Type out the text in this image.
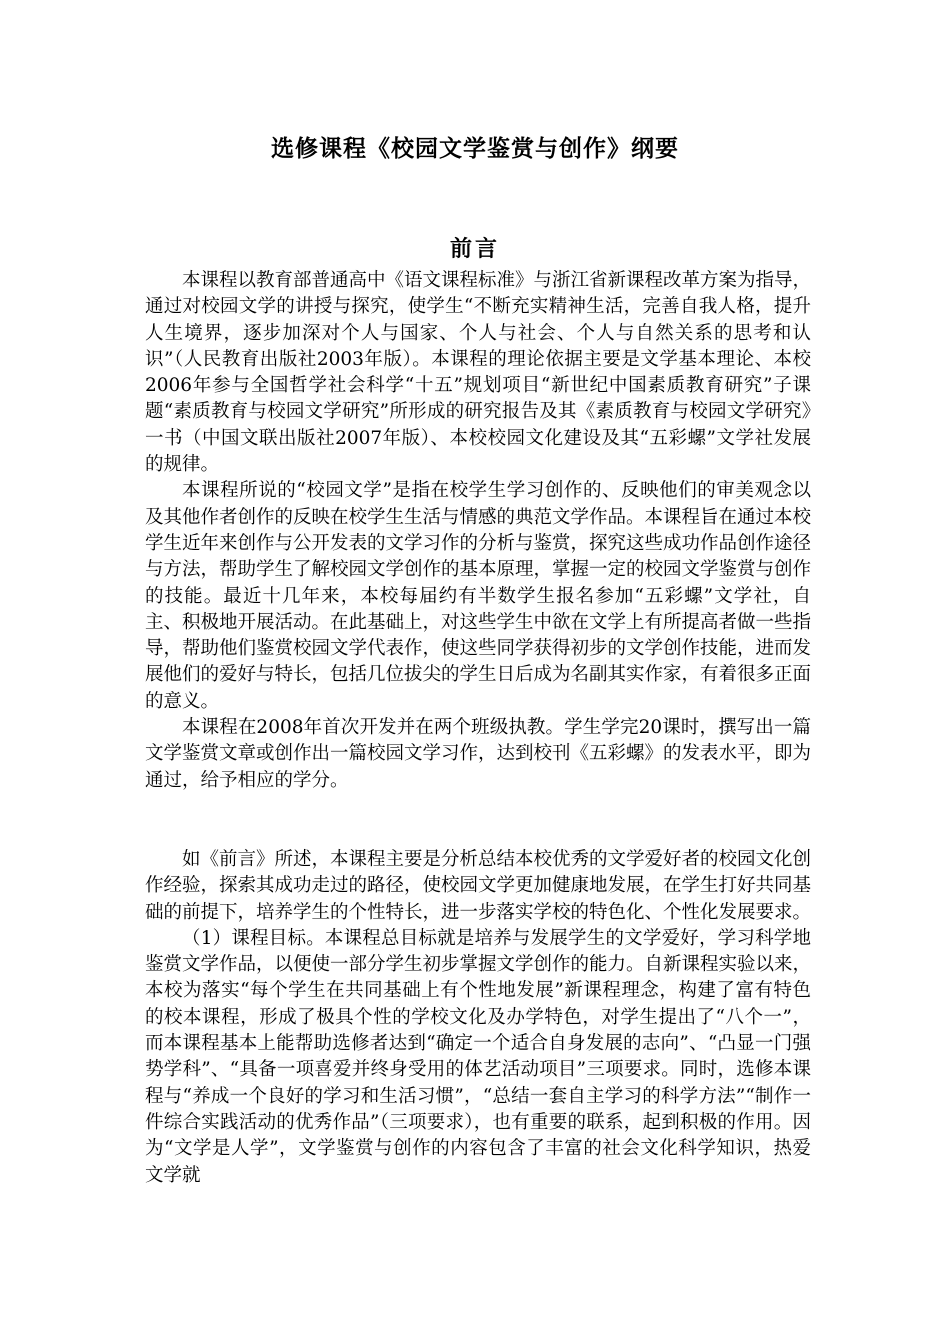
选修课程《校园文学鉴赏与创作》纲要
前言

本课程以教育部普通高中《语文课程标准》与浙江省新课程改革方案为指导，通过对校园文学的讲授与探究，使学生“不断充实精神生活，完善自我人格，提升人生境界，逐步加深对个人与国家、个人与社会、个人与自然关系的思考和认识”（人民教育出版社2003年版）。本课程的理论依据主要是文学基本理论、本校2006年参与全国哲学社会科学“十五”规划项目“新世纪中国素质教育研究”子课题“素质教育与校园文学研究”所形成的研究报告及其《素质教育与校园文学研究》一书（中国文联出版社2007年版）、本校校园文化建设及其“五彩螺”文学社发展的规律。

本课程所说的“校园文学”是指在校学生学习创作的、反映他们的审美观念以及其他作者创作的反映在校学生生活与情感的典范文学作品。本课程旨在通过本校学生近年来创作与公开发表的文学习作的分析与鉴赏，探究这些成功作品创作途径与方法，帮助学生了解校园文学创作的基本原理，掌握一定的校园文学鉴赏与创作的技能。最近十几年来，本校每届约有半数学生报名参加“五彩螺”文学社，自主、积极地开展活动。在此基础上，对这些学生中欲在文学上有所提高者做一些指导，帮助他们鉴赏校园文学代表作，使这些同学获得初步的文学创作技能，进而发展他们的爱好与特长，包括几位拔尖的学生日后成为名副其实作家，有着很多正面的意义。

本课程在2008年首次开发并在两个班级执教。学生学完20课时，撰写出一篇文学鉴赏文章或创作出一篇校园文学习作，达到校刊《五彩螺》的发表水平，即为通过，给予相应的学分。

如《前言》所述，本课程主要是分析总结本校优秀的文学爱好者的校园文化创作经验，探索其成功走过的路径，使校园文学更加健康地发展，在学生打好共同基础的前提下，培养学生的个性特长，进一步落实学校的特色化、个性化发展要求。

（1）课程目标。本课程总目标就是培养与发展学生的文学爱好，学习科学地鉴赏文学作品，以便使一部分学生初步掌握文学创作的能力。自新课程实验以来，本校为落实“每个学生在共同基础上有个性地发展”新课程理念，构建了富有特色的校本课程，形成了极具个性的学校文化及办学特色，对学生提出了“八个一”，而本课程基本上能帮助选修者达到“确定一个适合自身发展的志向”、“凸显一门强势学科”、“具备一项喜爱并终身受用的体艺活动项目”三项要求。同时，选修本课程与“养成一个良好的学习和生活习惯”，“总结一套自主学习的科学方法”“制作一件综合实践活动的优秀作品”（三项要求），也有重要的联系，起到积极的作用。因为“文学是人学”，文学鉴赏与创作的内容包含了丰富的社会文化科学知识，热爱文学就
